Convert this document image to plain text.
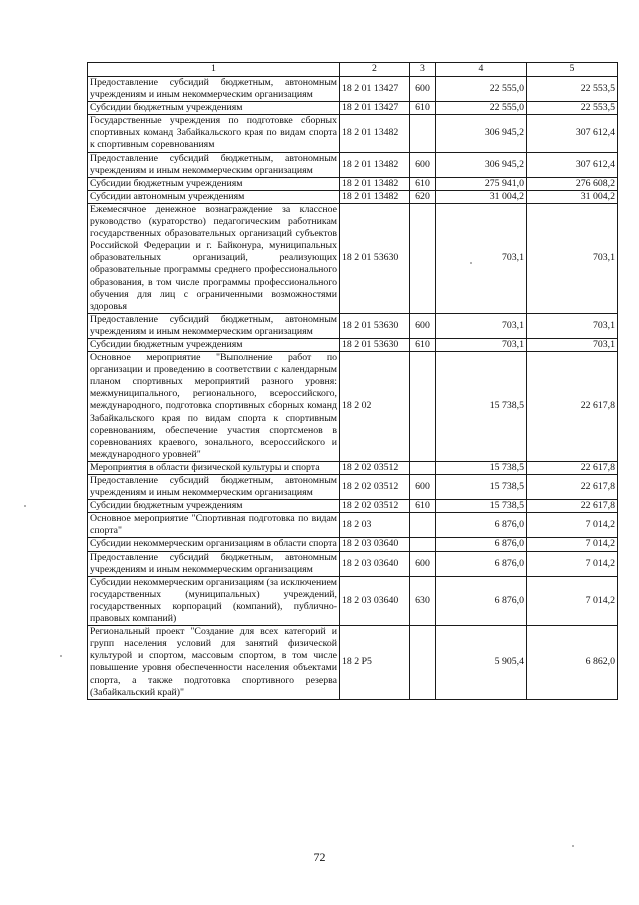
1	2	3	4	5
Предоставление субсидий бюджетным, автономным учреждениям и иным некоммерческим организациям	18 2 01 13427	600	22 555,0	22 553,5
Субсидии бюджетным учреждениям	18 2 01 13427	610	22 555,0	22 553,5
Государственные учреждения по подготовке сборных спортивных команд Забайкальского края по видам спорта к спортивным соревнованиям	18 2 01 13482		306 945,2	307 612,4
Предоставление субсидий бюджетным, автономным учреждениям и иным некоммерческим организациям	18 2 01 13482	600	306 945,2	307 612,4
Субсидии бюджетным учреждениям	18 2 01 13482	610	275 941,0	276 608,2
Субсидии автономным учреждениям	18 2 01 13482	620	31 004,2	31 004,2
Ежемесячное денежное вознаграждение за классное руководство (кураторство) педагогическим работникам государственных образовательных организаций субъектов Российской Федерации и г. Байконура, муниципальных образовательных организаций, реализующих образовательные программы среднего профессионального образования, в том числе программы профессионального обучения для лиц с ограниченными возможностями здоровья	18 2 01 53630		703,1	703,1
Предоставление субсидий бюджетным, автономным учреждениям и иным некоммерческим организациям	18 2 01 53630	600	703,1	703,1
Субсидии бюджетным учреждениям	18 2 01 53630	610	703,1	703,1
Основное мероприятие "Выполнение работ по организации и проведению в соответствии с календарным планом спортивных мероприятий разного уровня: межмуниципального, регионального, всероссийского, международного, подготовка спортивных сборных команд Забайкальского края по видам спорта к спортивным соревнованиям, обеспечение участия спортсменов в соревнованиях краевого, зонального, всероссийского и международного уровней"	18 2 02		15 738,5	22 617,8
Мероприятия в области физической культуры и спорта	18 2 02 03512		15 738,5	22 617,8
Предоставление субсидий бюджетным, автономным учреждениям и иным некоммерческим организациям	18 2 02 03512	600	15 738,5	22 617,8
Субсидии бюджетным учреждениям	18 2 02 03512	610	15 738,5	22 617,8
Основное мероприятие "Спортивная подготовка по видам спорта"	18 2 03		6 876,0	7 014,2
Субсидии некоммерческим организациям в области спорта	18 2 03 03640		6 876,0	7 014,2
Предоставление субсидий бюджетным, автономным учреждениям и иным некоммерческим организациям	18 2 03 03640	600	6 876,0	7 014,2
Субсидии некоммерческим организациям (за исключением государственных (муниципальных) учреждений, государственных корпораций (компаний), публично-правовых компаний)	18 2 03 03640	630	6 876,0	7 014,2
Региональный проект "Создание для всех категорий и групп населения условий для занятий физической культурой и спортом, массовым спортом, в том числе повышение уровня обеспеченности населения объектами спорта, а также подготовка спортивного резерва (Забайкальский край)"	18 2 P5		5 905,4	6 862,0
72
